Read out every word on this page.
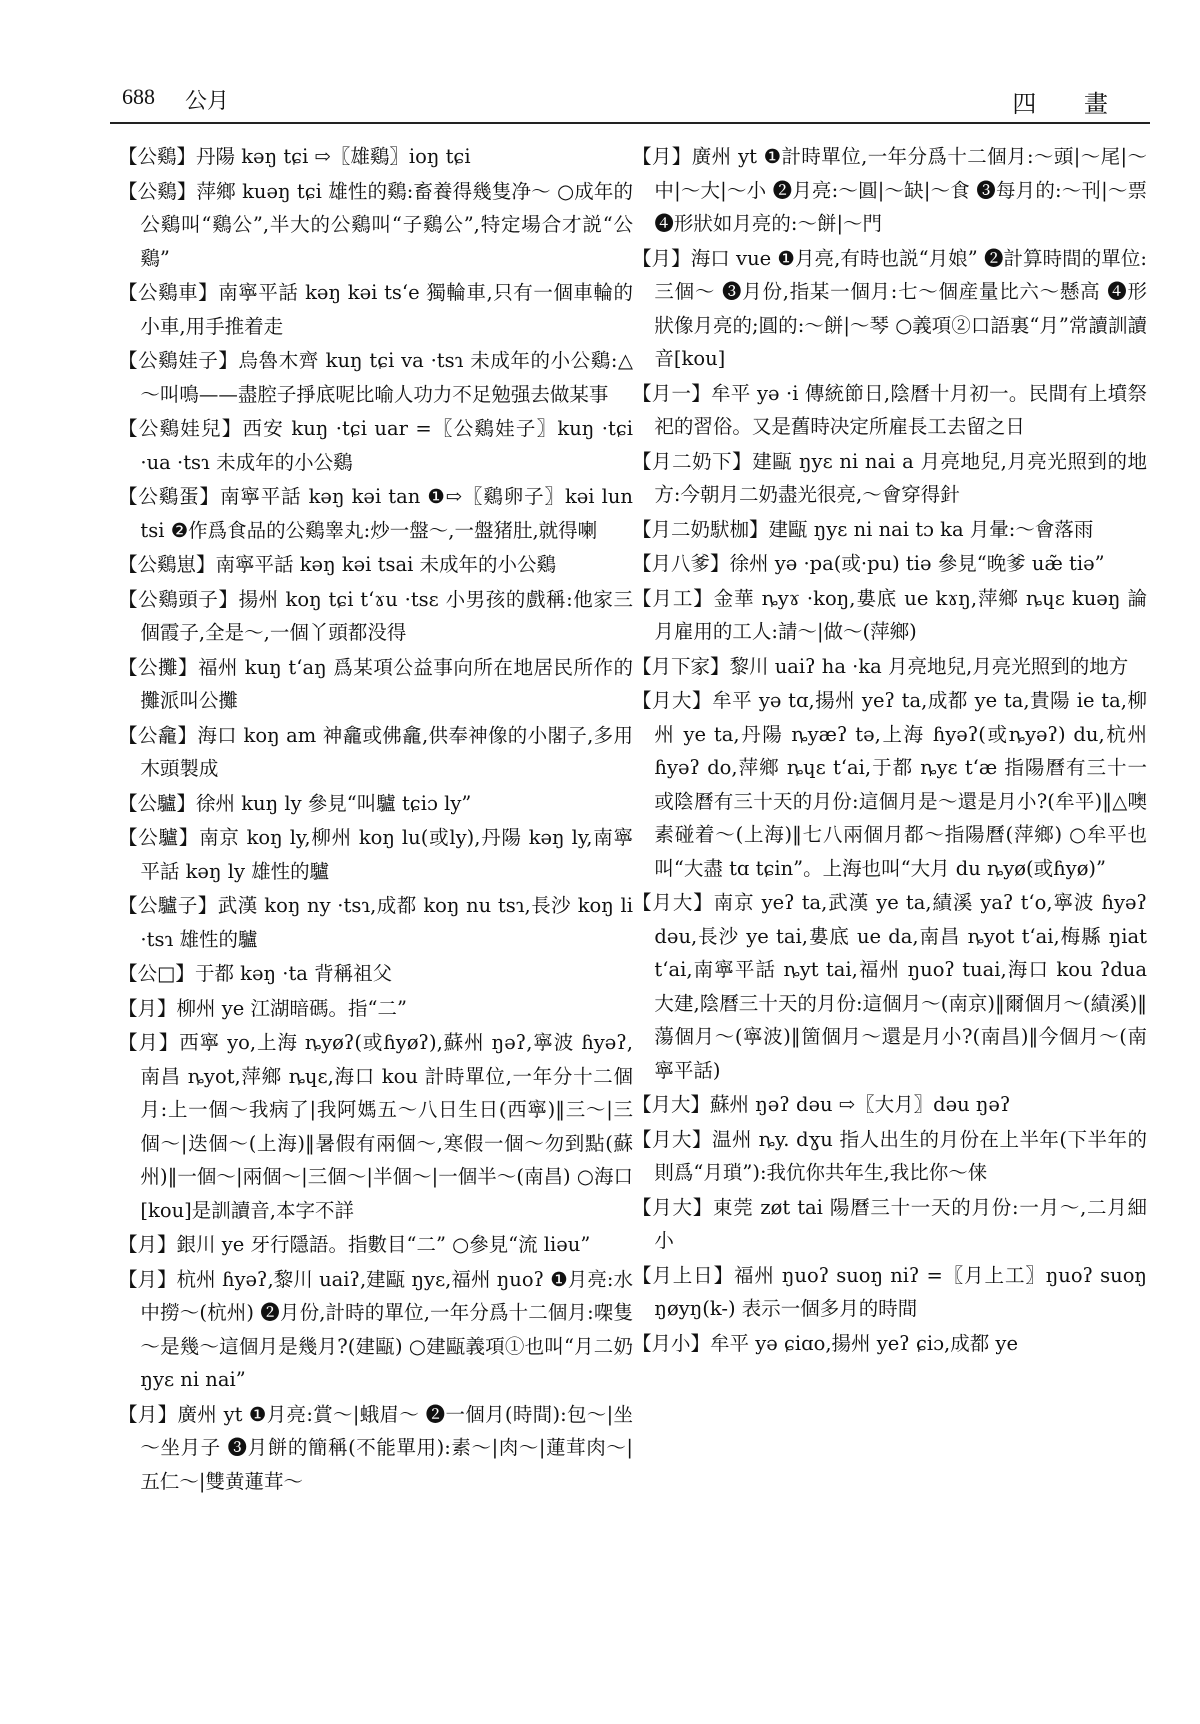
688 公月	四 畫

【公鷄】丹陽 kəŋ tɕi ⇨〖雄鷄〗ioŋ tɕi

【公鷄】萍鄉 kuəŋ tɕi 雄性的鷄:畜養得幾隻净～ ○成年的公鷄叫“鷄公”,半大的公鷄叫“子鷄公”,特定場合才説“公鷄”

【公鷄車】南寧平話 kəŋ kəi tsʻe 獨輪車,只有一個車輪的小車,用手推着走

【公鷄娃子】烏魯木齊 kuŋ tɕi va ·tsɿ 未成年的小公鷄:△～叫鳴——盡腔子掙底呢比喻人功力不足勉强去做某事

【公鷄娃兒】西安 kuŋ ·tɕi uar =〖公鷄娃子〗kuŋ ·tɕi ·ua ·tsɿ 未成年的小公鷄

【公鷄蛋】南寧平話 kəŋ kəi tan ❶⇨〖鷄卵子〗kəi lun tsi ❷作爲食品的公鷄睾丸:炒一盤～,一盤猪肚,就得喇

【公鷄崽】南寧平話 kəŋ kəi tsai 未成年的小公鷄

【公鷄頭子】揚州 koŋ tɕi tʻɤu ·tsɛ 小男孩的戲稱:他家三個霞子,全是～,一個丫頭都没得

【公攤】福州 kuŋ tʻaŋ 爲某項公益事向所在地居民所作的攤派叫公攤

【公龕】海口 koŋ am 神龕或佛龕,供奉神像的小閣子,多用木頭製成

【公驢】徐州 kuŋ ly 參見“叫驢 tɕiɔ ly”

【公驢】南京 koŋ ly,柳州 koŋ lu(或ly),丹陽 kəŋ ly,南寧平話 kəŋ ly 雄性的驢

【公驢子】武漢 koŋ ny ·tsɿ,成都 koŋ nu tsɿ,長沙 koŋ li ·tsɿ 雄性的驢

【公□】于都 kəŋ ·ta 背稱祖父

【月】柳州 ye 江湖暗碼。指“二”

【月】西寧 yo,上海 ȵyøʔ(或ɦyøʔ),蘇州 ŋəʔ,寧波 ɦyəʔ,南昌 ȵyot,萍鄉 ȵɥɛ,海口 kou 計時單位,一年分十二個月:上一個～我病了|我阿媽五～八日生日(西寧)‖三～|三個～|迭個～(上海)‖暑假有兩個～,寒假一個～勿到點(蘇州)‖一個～|兩個～|三個～|半個～|一個半～(南昌) ○海口[kou]是訓讀音,本字不詳

【月】銀川 ye 牙行隱語。指數目“二” ○參見“流 liəu”

【月】杭州 ɦyəʔ,黎川 uaiʔ,建甌 ŋyɛ,福州 ŋuoʔ ❶月亮:水中撈～(杭州) ❷月份,計時的單位,一年分爲十二個月:㗎隻～是幾～這個月是幾月?(建甌) ○建甌義項①也叫“月二奶 ŋyɛ ni nai”

【月】廣州 yt ❶月亮:賞～|蛾眉～ ❷一個月(時間):包～|坐～坐月子 ❸月餅的簡稱(不能單用):素～|肉～|蓮茸肉～|五仁～|雙黄蓮茸～

【月】廣州 yt ❶計時單位,一年分爲十二個月:～頭|～尾|～中|～大|～小 ❷月亮:～圓|～缺|～食 ❸每月的:～刊|～票 ❹形狀如月亮的:～餅|～門

【月】海口 vue ❶月亮,有時也説“月娘” ❷計算時間的單位:三個～ ❸月份,指某一個月:七～個産量比六～懸高 ❹形狀像月亮的;圓的:～餅|～琴 ○義項②口語裏“月”常讀訓讀音[kou]

【月一】牟平 yə ·i 傳統節日,陰曆十月初一。民間有上墳祭祀的習俗。又是舊時决定所雇長工去留之日

【月二奶下】建甌 ŋyɛ ni nai a 月亮地兒,月亮光照到的地方:今朝月二奶盡光很亮,～會穿得針

【月二奶䭾枷】建甌 ŋyɛ ni nai tɔ ka 月暈:～會落雨

【月八爹】徐州 yə ·pa(或·pu) tiə 參見“晚爹 uæ̃ tiə”

【月工】金華 ȵyɤ ·koŋ,婁底 ue kɤŋ,萍鄉 ȵɥɛ kuəŋ 論月雇用的工人:請～|做～(萍鄉)

【月下家】黎川 uaiʔ ha ·ka 月亮地兒,月亮光照到的地方

【月大】牟平 yə tɑ,揚州 yeʔ ta,成都 ye ta,貴陽 ie ta,柳州 ye ta,丹陽 ȵyæʔ tə,上海 ɦyəʔ(或ȵyəʔ) du,杭州 ɦyəʔ do,萍鄉 ȵɥɛ tʻai,于都 ȵyɛ tʻæ 指陽曆有三十一或陰曆有三十天的月份:這個月是～還是月小?(牟平)‖△噢素碰着～(上海)‖七八兩個月都～指陽曆(萍鄉) ○牟平也叫“大盡 tɑ tɕin”。上海也叫“大月 du ȵyø(或ɦyø)”

【月大】南京 yeʔ ta,武漢 ye ta,績溪 yaʔ tʻo,寧波 ɦyəʔ dəu,長沙 ye tai,婁底 ue da,南昌 ȵyot tʻai,梅縣 ŋiat tʻai,南寧平話 ȵyt tai,福州 ŋuoʔ tuai,海口 kou ʔdua 大建,陰曆三十天的月份:這個月～(南京)‖爾個月～(績溪)‖蕩個月～(寧波)‖箇個月～還是月小?(南昌)‖今個月～(南寧平話)

【月大】蘇州 ŋəʔ dəu ⇨〖大月〗dəu ŋəʔ

【月大】温州 ȵy. dɣu 指人出生的月份在上半年(下半年的則爲“月瑣”):我伉你共年生,我比你～俫

【月大】東莞 zøt tai 陽曆三十一天的月份:一月～,二月細小

【月上日】福州 ŋuoʔ suoŋ niʔ =〖月上工〗ŋuoʔ suoŋ ŋøyŋ(k-) 表示一個多月的時間

【月小】牟平 yə ɕiɑo,揚州 yeʔ ɕiɔ,成都 ye
